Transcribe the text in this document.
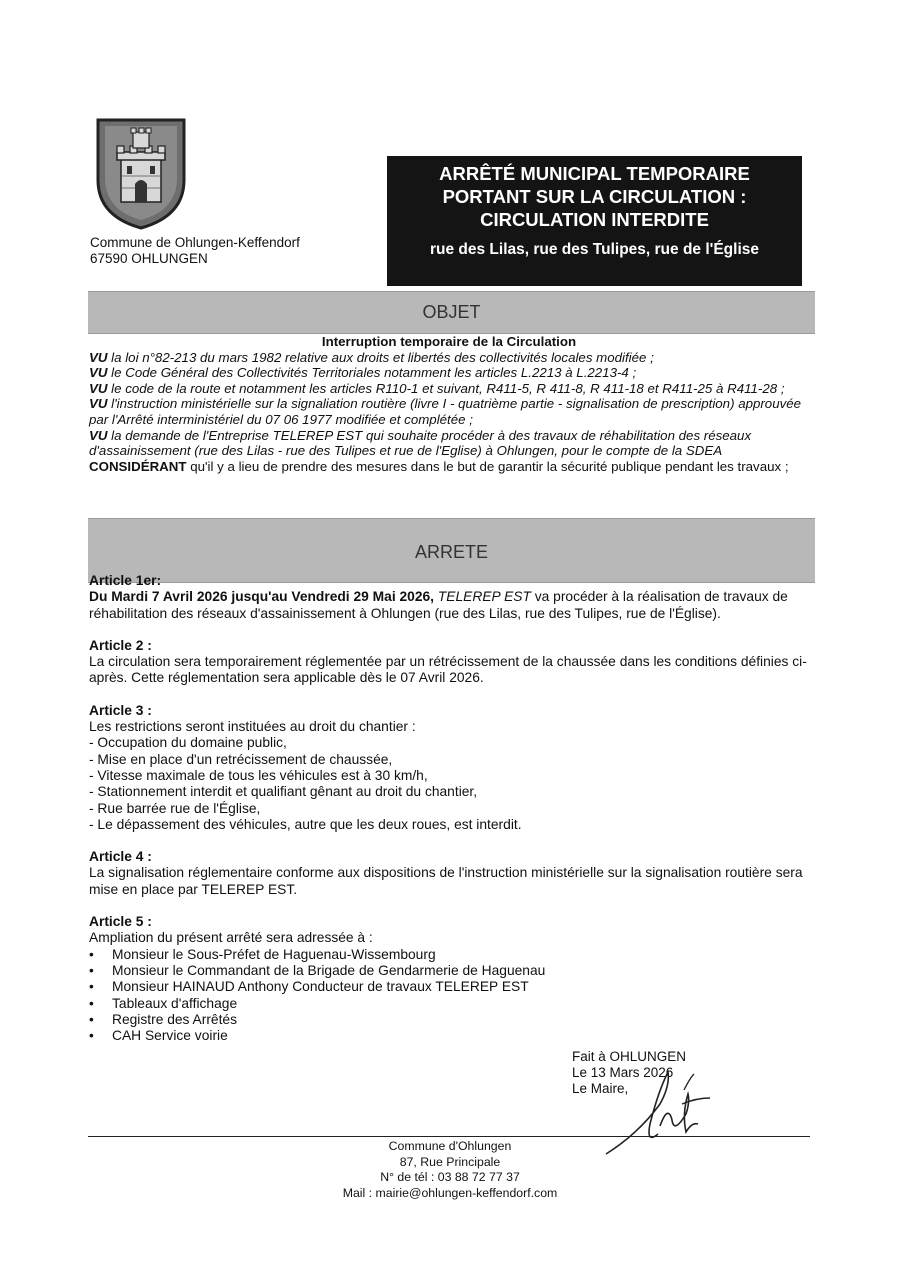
Commune de Ohlungen-Keffendorf
67590 OHLUNGEN
ARRÊTÉ MUNICIPAL TEMPORAIRE
PORTANT SUR LA CIRCULATION :
CIRCULATION INTERDITE
rue des Lilas, rue des Tulipes, rue de l'Église
OBJET
Interruption temporaire de la Circulation
VU la loi n°82-213 du mars 1982 relative aux droits et libertés des collectivités locales modifiée ;
VU le Code Général des Collectivités Territoriales notamment les articles L.2213 à L.2213-4 ;
VU le code de la route et notamment les articles R110-1 et suivant, R411-5, R 411-8, R 411-18 et R411-25 à R411-28 ;
VU l'instruction ministérielle sur la signaliation routière (livre I - quatrième partie - signalisation de prescription) approuvée par l'Arrêté interministériel du 07 06 1977 modifiée et complétée ;
VU la demande de l'Entreprise TELEREP EST qui souhaite procéder à des travaux de réhabilitation des réseaux d'assainissement (rue des Lilas - rue des Tulipes et rue de l'Eglise) à Ohlungen, pour le compte de la SDEA
CONSIDÉRANT qu'il y a lieu de prendre des mesures dans le but de garantir la sécurité publique pendant les travaux ;
ARRETE

Article 1er:

Du Mardi 7 Avril 2026 jusqu'au Vendredi 29 Mai 2026, TELEREP EST va procéder à la réalisation de travaux de réhabilitation des réseaux d'assainissement à Ohlungen (rue des Lilas, rue des Tulipes, rue de l'Église).

Article 2 :

La circulation sera temporairement réglementée par un rétrécissement de la chaussée dans les conditions définies ci-après. Cette réglementation sera applicable dès le 07 Avril 2026.

Article 3 :

Les restrictions seront instituées au droit du chantier :

- Occupation du domaine public,

- Mise en place d'un retrécissement de chaussée,

- Vitesse maximale de tous les véhicules est à 30 km/h,

- Stationnement interdit et qualifiant gênant au droit du chantier,

- Rue barrée rue de l'Église,

- Le dépassement des véhicules, autre que les deux roues, est interdit.

Article 4 :

La signalisation réglementaire conforme aux dispositions de l'instruction ministérielle sur la signalisation routière sera mise en place par TELEREP EST.

Article 5 :

Ampliation du présent arrêté sera adressée à :

• Monsieur le Sous-Préfet de Haguenau-Wissembourg
• Monsieur le Commandant de la Brigade de Gendarmerie de Haguenau
• Monsieur HAINAUD Anthony Conducteur de travaux TELEREP EST
• Tableaux d'affichage
• Registre des Arrêtés
• CAH Service voirie
Fait à OHLUNGEN
Le 13 Mars 2026
Le Maire,
Commune d'Ohlungen
87, Rue Principale
N° de tél : 03 88 72 77 37
Mail : mairie@ohlungen-keffendorf.com
